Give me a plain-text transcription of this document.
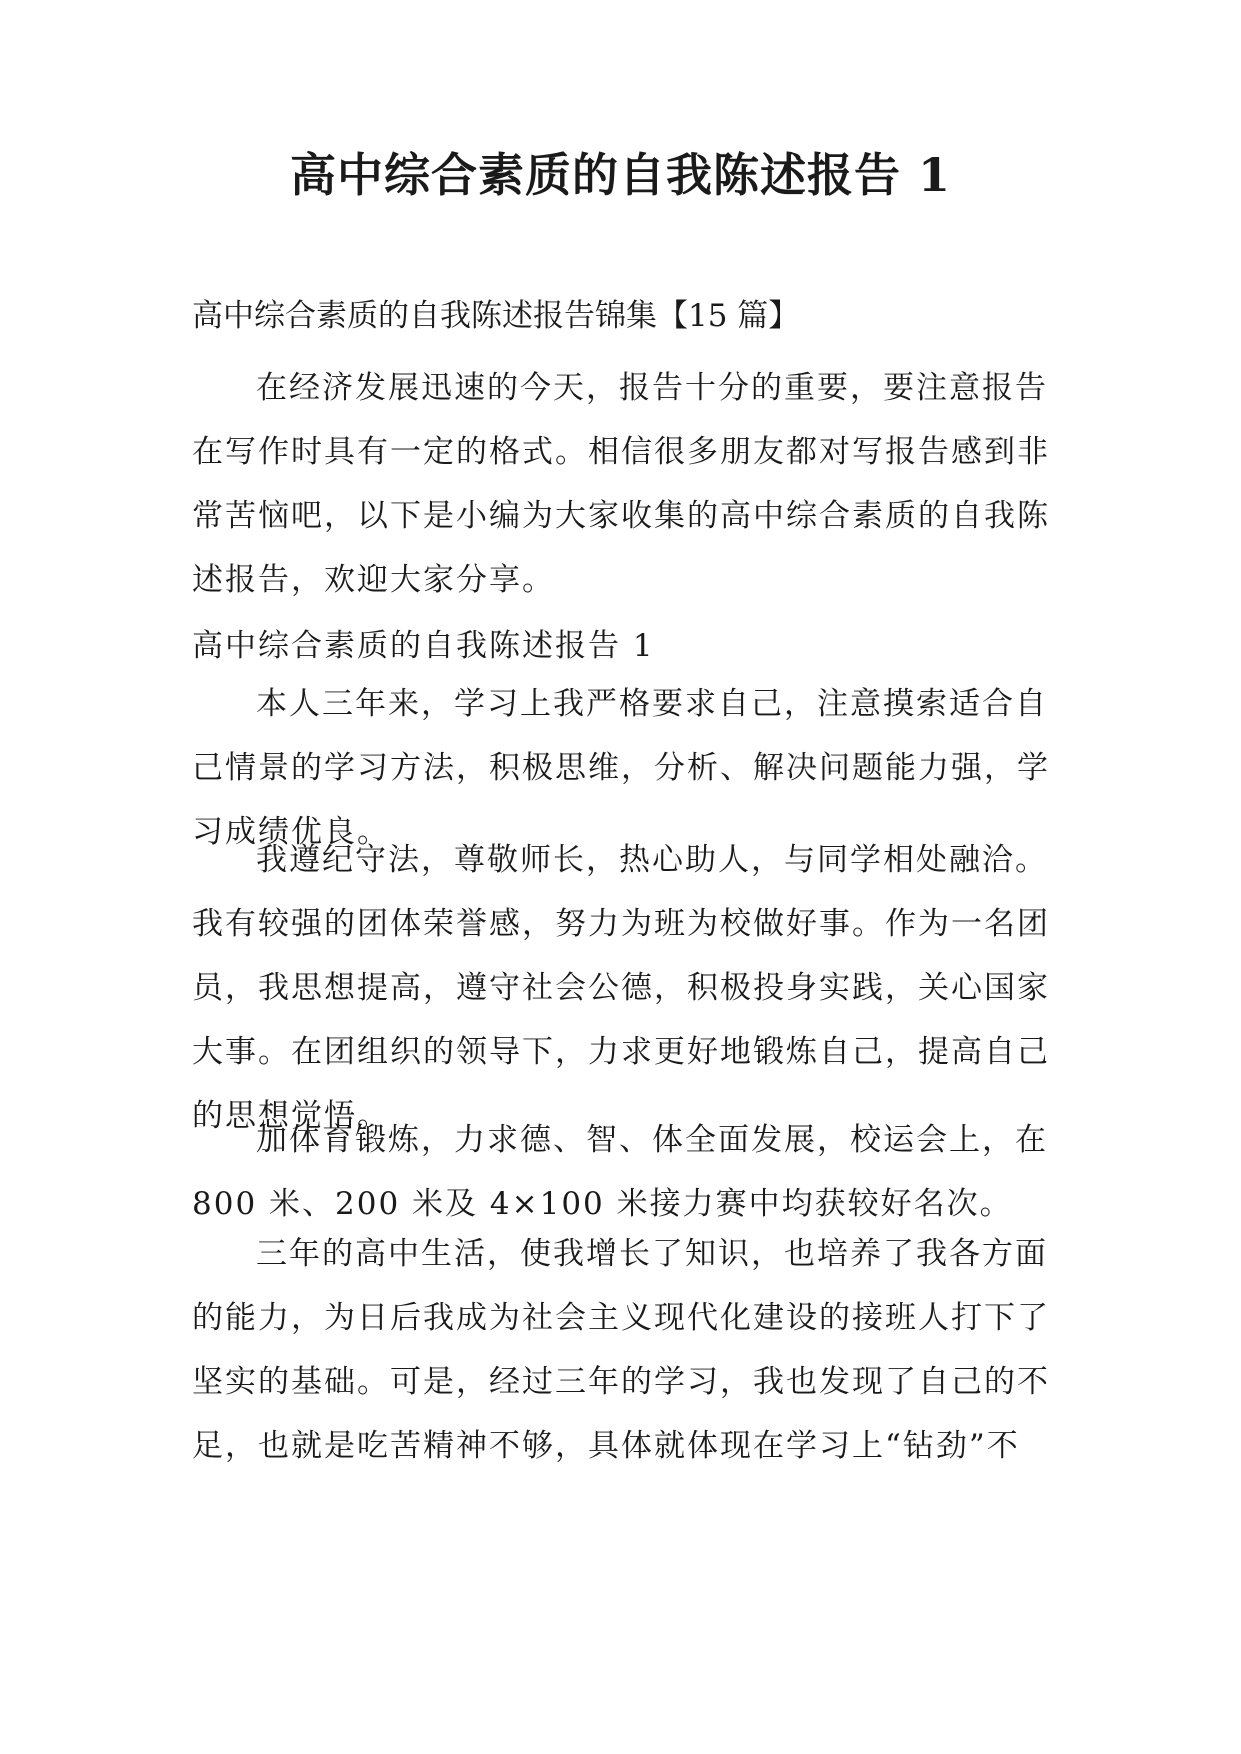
高中综合素质的自我陈述报告 1

高中综合素质的自我陈述报告锦集【15 篇】

在经济发展迅速的今天，报告十分的重要，要注意报告
在写作时具有一定的格式。相信很多朋友都对写报告感到非
常苦恼吧，以下是小编为大家收集的高中综合素质的自我陈
述报告，欢迎大家分享。

高中综合素质的自我陈述报告 1

本人三年来，学习上我严格要求自己，注意摸索适合自
己情景的学习方法，积极思维，分析、解决问题能力强，学
习成绩优良。
我遵纪守法，尊敬师长，热心助人，与同学相处融洽。
我有较强的团体荣誉感，努力为班为校做好事。作为一名团
员，我思想提高，遵守社会公德，积极投身实践，关心国家
大事。在团组织的领导下，力求更好地锻炼自己，提高自己
的思想觉悟。
加体育锻炼，力求德、智、体全面发展，校运会上，在
800 米、200 米及 4×100 米接力赛中均获较好名次。
三年的高中生活，使我增长了知识，也培养了我各方面
的能力，为日后我成为社会主义现代化建设的接班人打下了
坚实的基础。可是，经过三年的学习，我也发现了自己的不
足，也就是吃苦精神不够，具体就体现在学习上“钻劲”不
